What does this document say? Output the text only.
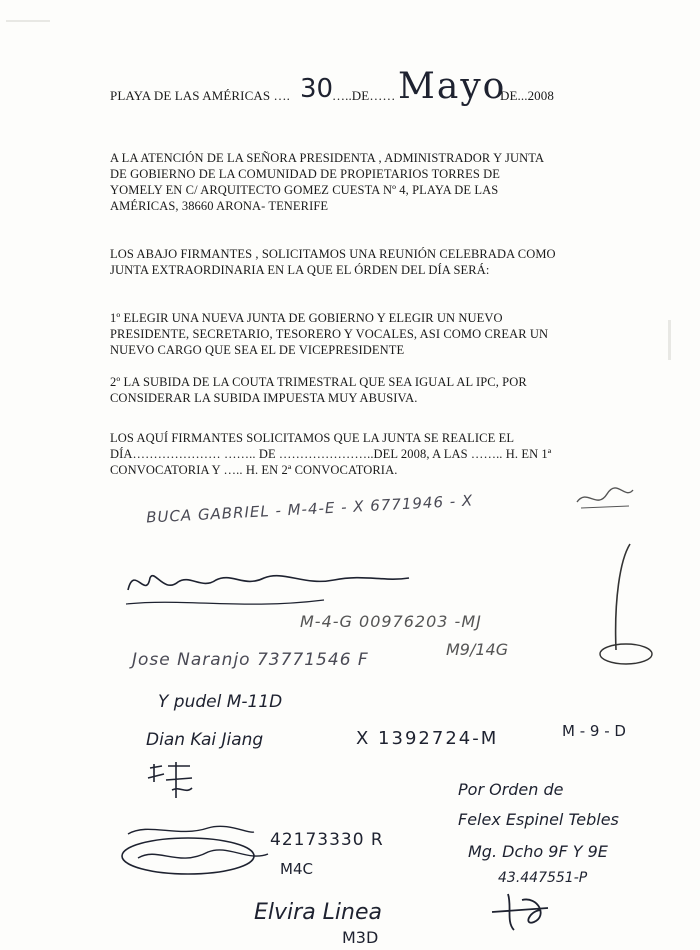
PLAYA DE LAS AMÉRICAS …. 30
…..DE…… Mayo
DE...2008

A LA ATENCIÓN DE LA SEÑORA PRESIDENTA , ADMINISTRADOR Y JUNTA

DE GOBIERNO DE LA COMUNIDAD DE PROPIETARIOS TORRES DE

YOMELY EN C/ ARQUITECTO GOMEZ CUESTA Nº 4, PLAYA DE LAS

AMÉRICAS, 38660 ARONA- TENERIFE

LOS ABAJO FIRMANTES , SOLICITAMOS UNA REUNIÓN CELEBRADA COMO

JUNTA EXTRAORDINARIA EN LA QUE EL ÓRDEN DEL DÍA SERÁ:

1º ELEGIR UNA NUEVA JUNTA DE GOBIERNO Y ELEGIR UN NUEVO

PRESIDENTE, SECRETARIO, TESORERO Y VOCALES, ASI COMO CREAR UN

NUEVO CARGO QUE SEA EL DE VICEPRESIDENTE

2º LA SUBIDA DE LA COUTA TRIMESTRAL QUE SEA IGUAL AL IPC, POR

CONSIDERAR LA SUBIDA IMPUESTA MUY ABUSIVA.

LOS AQUÍ FIRMANTES SOLICITAMOS QUE LA JUNTA SE REALICE EL

DÍA………………… …….. DE …………………..DEL 2008, A LAS …….. H. EN 1ª

CONVOCATORIA Y ….. H. EN 2ª CONVOCATORIA.

BUCA GABRIEL - M-4-E - X 6771946 - X
M-4-G 00976203 -MJ
Jose Naranjo 73771546 F
M9/14G
Y pudel M-11D
Dian Kai Jiang	X 1392724-M	M - 9 - D
Por Orden de
Felex Espinel Tebles
Mg. Dcho 9F Y 9E
43.447551-P
42173330 R
M4C
Elvira Linea
M3D
